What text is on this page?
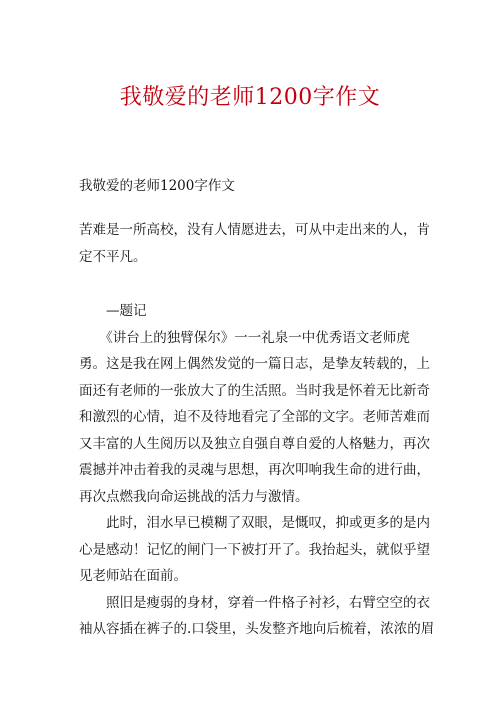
我敬爱的老师1200字作文
我敬爱的老师1200字作文
苦难是一所高校，没有人情愿进去，可从中走出来的人，肯
定不平凡。
　　—题记
　　《讲台上的独臂保尔》一一礼泉一中优秀语文老师虎
勇。这是我在网上偶然发觉的一篇日志，是挚友转载的，上
面还有老师的一张放大了的生活照。当时我是怀着无比新奇
和激烈的心情，迫不及待地看完了全部的文字。老师苦难而
又丰富的人生阅历以及独立自强自尊自爱的人格魅力，再次
震撼并冲击着我的灵魂与思想，再次叩响我生命的进行曲，
再次点燃我向命运挑战的活力与激情。
　　此时，泪水早已模糊了双眼，是慨叹，抑或更多的是内
心是感动！记忆的闸门一下被打开了。我抬起头，就似乎望
见老师站在面前。
　　照旧是瘦弱的身材，穿着一件格子衬衫，右臂空空的衣
袖从容插在裤子的.口袋里，头发整齐地向后梳着，浓浓的眉
